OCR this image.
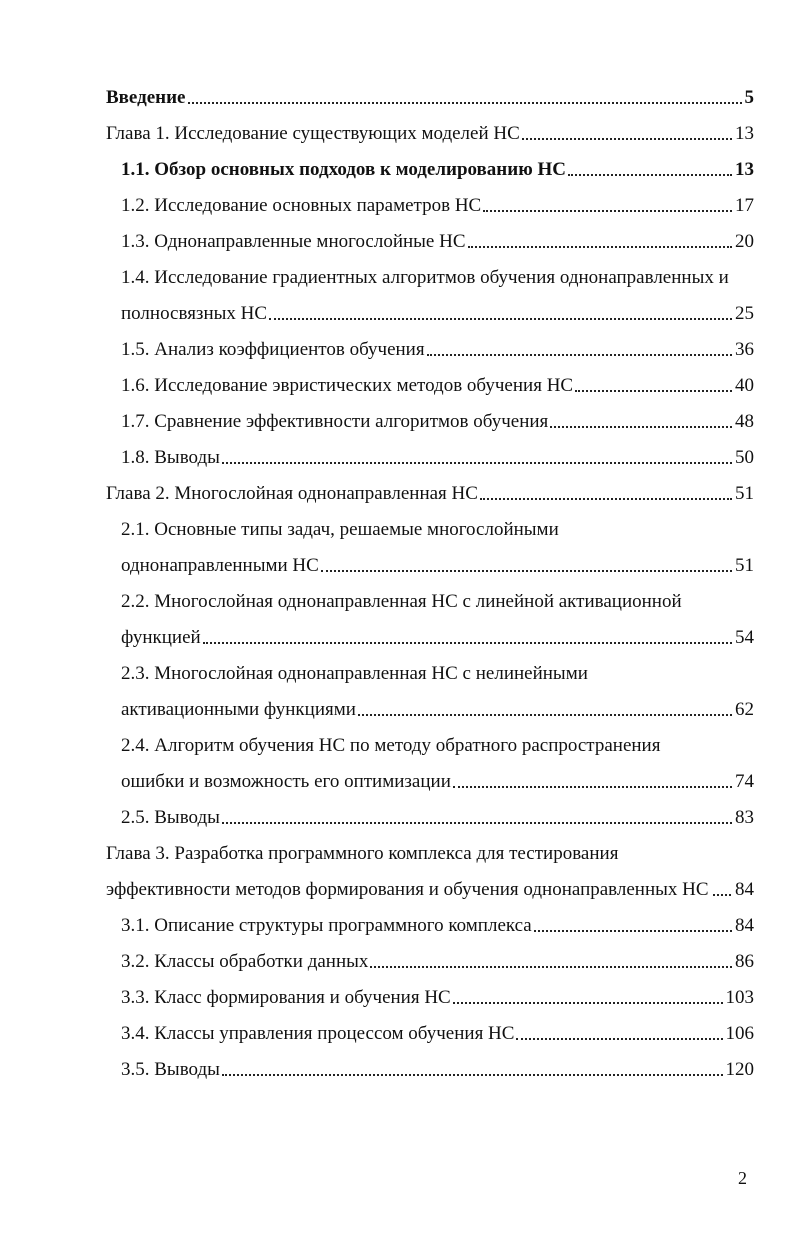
Введение	5
Глава 1. Исследование существующих моделей НС	13
1.1. Обзор основных подходов к моделированию НС	13
1.2. Исследование основных параметров НС	17
1.3. Однонаправленные многослойные НС	20
1.4. Исследование градиентных алгоритмов обучения однонаправленных и
полносвязных НС	25
1.5. Анализ коэффициентов обучения	36
1.6. Исследование эвристических методов обучения НС	40
1.7. Сравнение эффективности алгоритмов обучения	48
1.8. Выводы	50
Глава 2. Многослойная однонаправленная НС	51
2.1. Основные типы задач, решаемые многослойными
однонаправленными НС	51
2.2. Многослойная однонаправленная НС с линейной активационной
функцией	54
2.3. Многослойная однонаправленная НС с нелинейными
активационными функциями	62
2.4. Алгоритм обучения НС по методу обратного распространения
ошибки и возможность его оптимизации	74
2.5. Выводы	83
Глава 3. Разработка программного комплекса для тестирования
эффективности методов формирования и обучения однонаправленных НС 84
3.1. Описание структуры программного комплекса	84
3.2. Классы обработки данных	86
3.3. Класс формирования и обучения НС	103
3.4. Классы управления процессом обучения НС	106
3.5. Выводы	120
2
